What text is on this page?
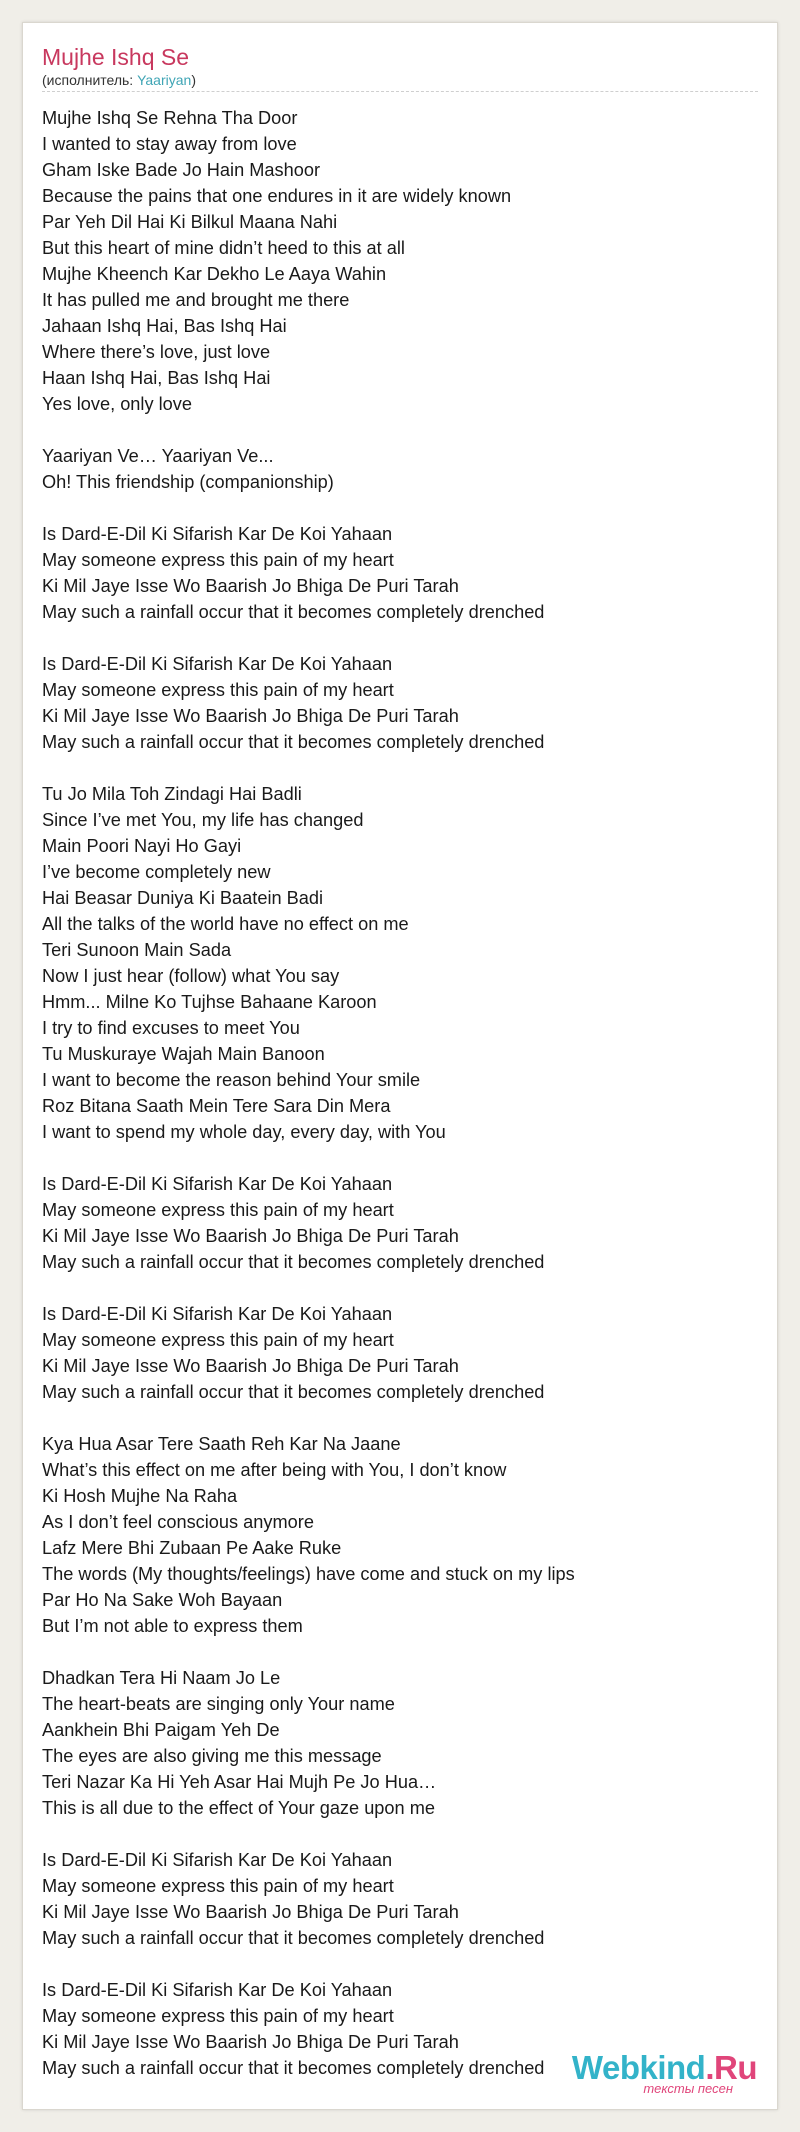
Mujhe Ishq Se
(исполнитель: Yaariyan)
Mujhe Ishq Se Rehna Tha Door
I wanted to stay away from love
Gham Iske Bade Jo Hain Mashoor
Because the pains that one endures in it are widely known
Par Yeh Dil Hai Ki Bilkul Maana Nahi
But this heart of mine didn’t heed to this at all
Mujhe Kheench Kar Dekho Le Aaya Wahin
It has pulled me and brought me there
Jahaan Ishq Hai, Bas Ishq Hai
Where there’s love, just love
Haan Ishq Hai, Bas Ishq Hai
Yes love, only love
Yaariyan Ve… Yaariyan Ve...
Oh! This friendship (companionship)
Is Dard-E-Dil Ki Sifarish Kar De Koi Yahaan
May someone express this pain of my heart
Ki Mil Jaye Isse Wo Baarish Jo Bhiga De Puri Tarah
May such a rainfall occur that it becomes completely drenched
Is Dard-E-Dil Ki Sifarish Kar De Koi Yahaan
May someone express this pain of my heart
Ki Mil Jaye Isse Wo Baarish Jo Bhiga De Puri Tarah
May such a rainfall occur that it becomes completely drenched
Tu Jo Mila Toh Zindagi Hai Badli
Since I’ve met You, my life has changed
Main Poori Nayi Ho Gayi
I’ve become completely new
Hai Beasar Duniya Ki Baatein Badi
All the talks of the world have no effect on me
Teri Sunoon Main Sada
Now I just hear (follow) what You say
Hmm... Milne Ko Tujhse Bahaane Karoon
I try to find excuses to meet You
Tu Muskuraye Wajah Main Banoon
I want to become the reason behind Your smile
Roz Bitana Saath Mein Tere Sara Din Mera
I want to spend my whole day, every day, with You
Is Dard-E-Dil Ki Sifarish Kar De Koi Yahaan
May someone express this pain of my heart
Ki Mil Jaye Isse Wo Baarish Jo Bhiga De Puri Tarah
May such a rainfall occur that it becomes completely drenched
Is Dard-E-Dil Ki Sifarish Kar De Koi Yahaan
May someone express this pain of my heart
Ki Mil Jaye Isse Wo Baarish Jo Bhiga De Puri Tarah
May such a rainfall occur that it becomes completely drenched
Kya Hua Asar Tere Saath Reh Kar Na Jaane
What’s this effect on me after being with You, I don’t know
Ki Hosh Mujhe Na Raha
As I don’t feel conscious anymore
Lafz Mere Bhi Zubaan Pe Aake Ruke
The words (My thoughts/feelings) have come and stuck on my lips
Par Ho Na Sake Woh Bayaan
But I’m not able to express them
Dhadkan Tera Hi Naam Jo Le
The heart-beats are singing only Your name
Aankhein Bhi Paigam Yeh De
The eyes are also giving me this message
Teri Nazar Ka Hi Yeh Asar Hai Mujh Pe Jo Hua…
This is all due to the effect of Your gaze upon me
Is Dard-E-Dil Ki Sifarish Kar De Koi Yahaan
May someone express this pain of my heart
Ki Mil Jaye Isse Wo Baarish Jo Bhiga De Puri Tarah
May such a rainfall occur that it becomes completely drenched
Is Dard-E-Dil Ki Sifarish Kar De Koi Yahaan
May someone express this pain of my heart
Ki Mil Jaye Isse Wo Baarish Jo Bhiga De Puri Tarah
May such a rainfall occur that it becomes completely drenched Webkind.Ru
тексты песен
